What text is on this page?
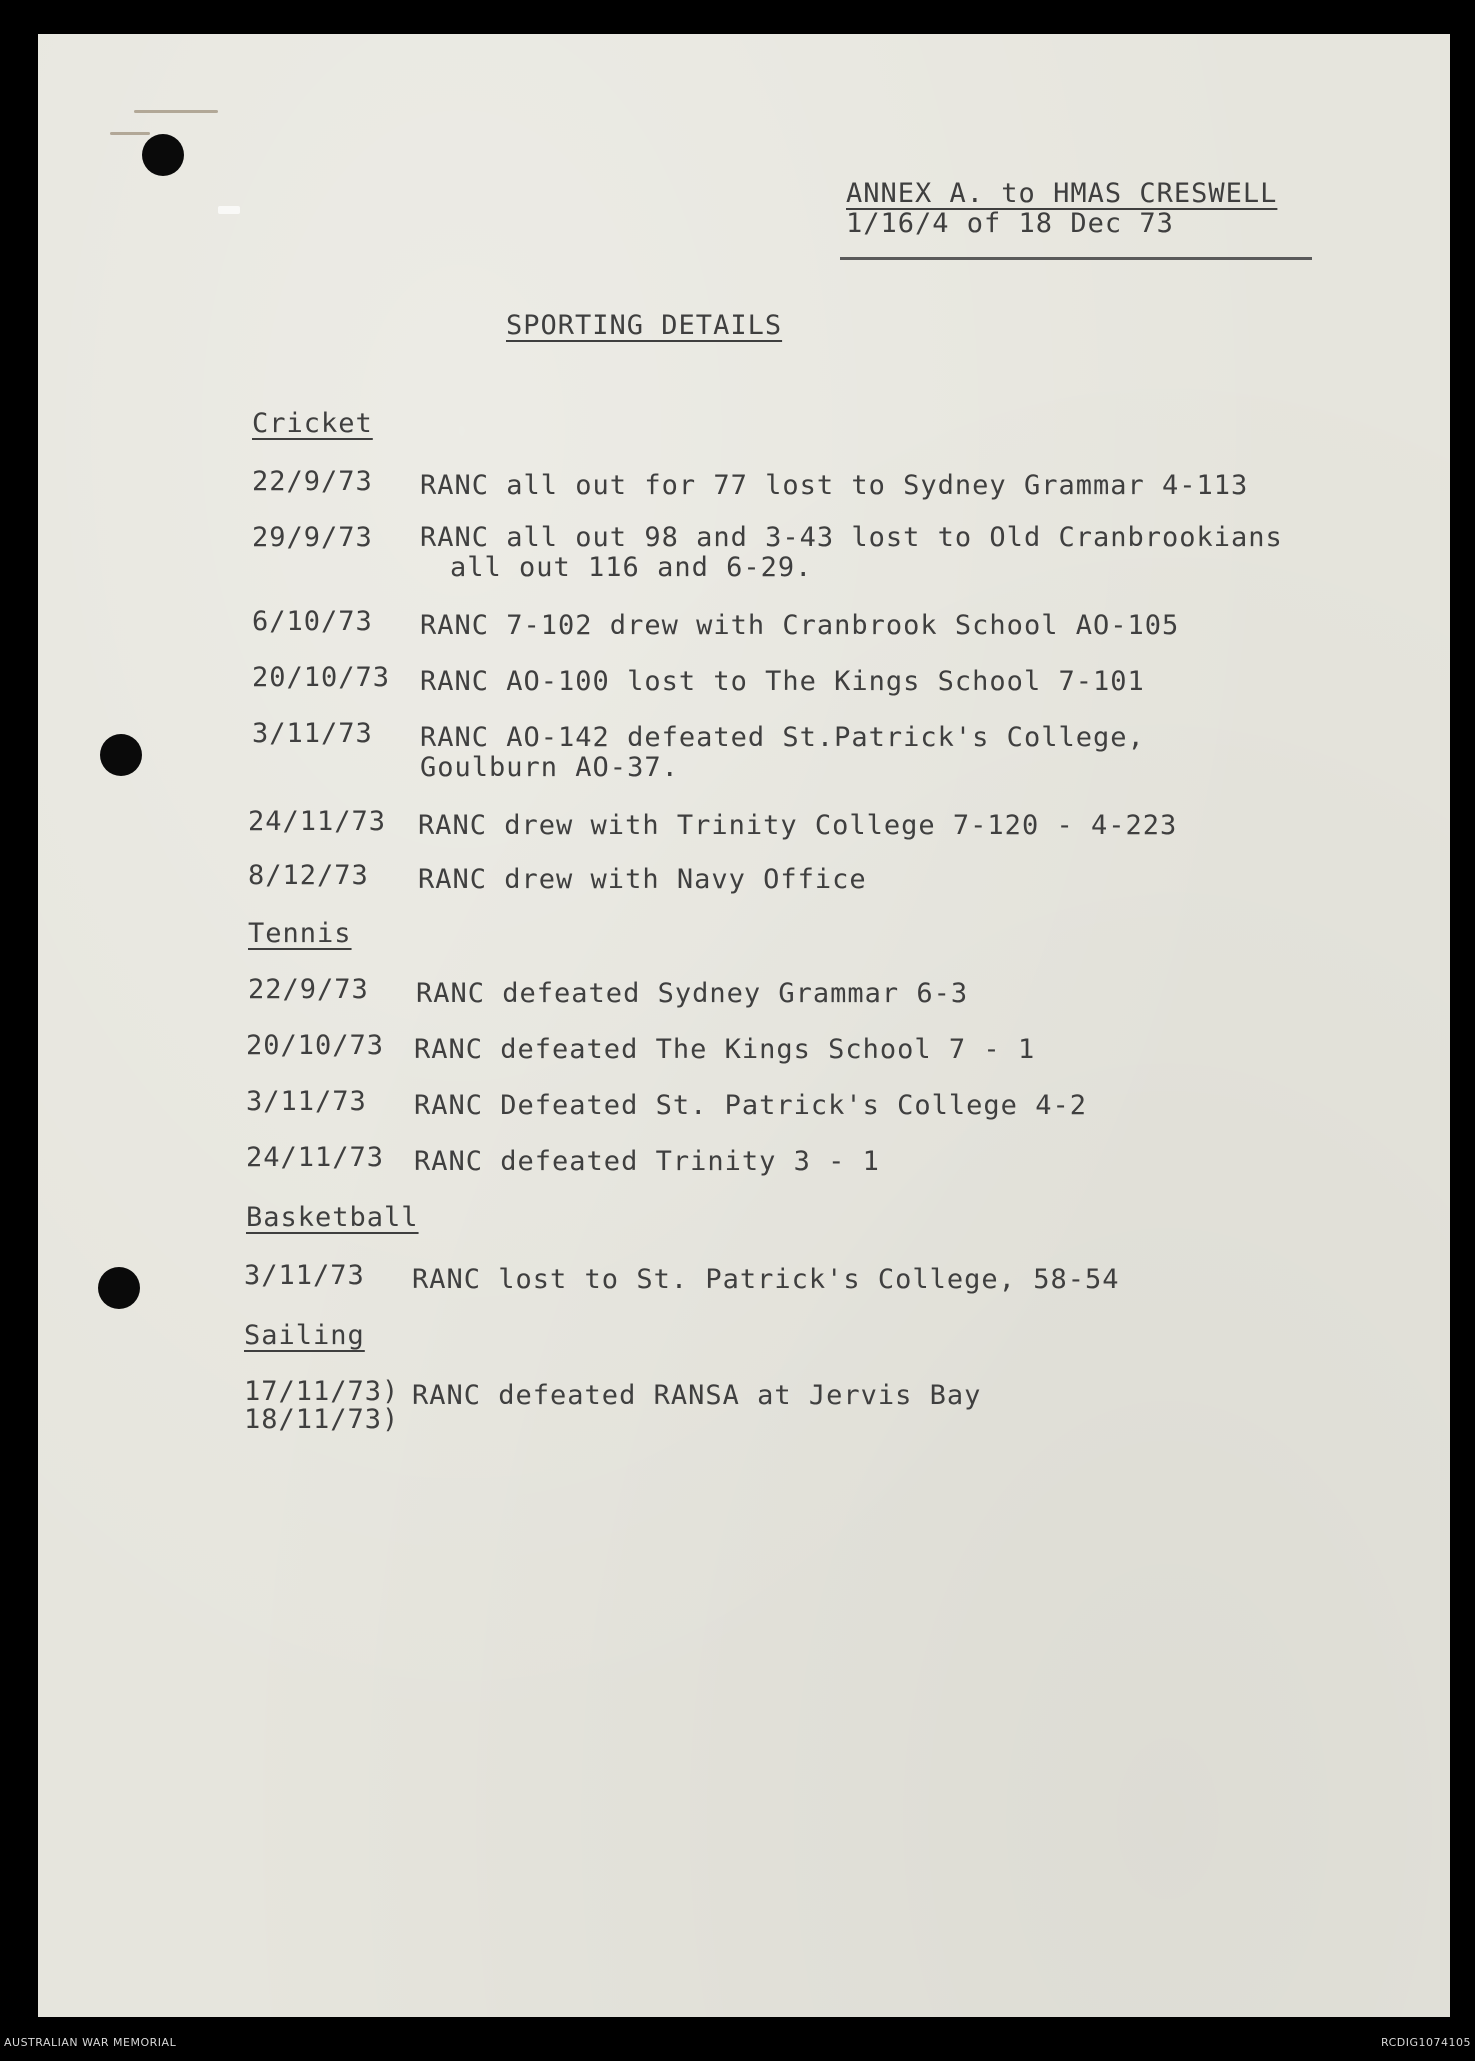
ANNEX A. to HMAS CRESWELL
1/16/4 of 18 Dec 73
SPORTING DETAILS
Cricket
22/9/73 RANC all out for 77 lost to Sydney Grammar 4-113
29/9/73 RANC all out 98 and 3-43 lost to Old Cranbrookians
all out 116 and 6-29.
6/10/73 RANC 7-102 drew with Cranbrook School AO-105
20/10/73 RANC AO-100 lost to The Kings School 7-101
3/11/73 RANC AO-142 defeated St.Patrick's College,
Goulburn AO-37.
24/11/73 RANC drew with Trinity College 7-120 - 4-223
8/12/73 RANC drew with Navy Office
Tennis
22/9/73 RANC defeated Sydney Grammar 6-3
20/10/73 RANC defeated The Kings School 7 - 1
3/11/73 RANC Defeated St. Patrick's College 4-2
24/11/73 RANC defeated Trinity 3 - 1
Basketball
3/11/73 RANC lost to St. Patrick's College, 58-54
Sailing
17/11/73)
18/11/73)
RANC defeated RANSA at Jervis Bay
AUSTRALIAN WAR MEMORIAL	RCDIG1074105
